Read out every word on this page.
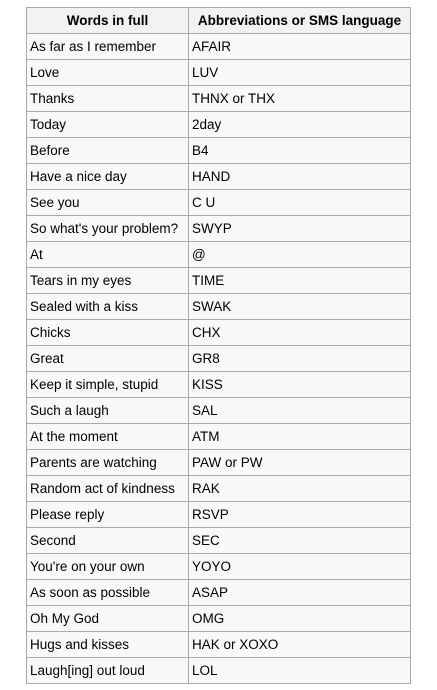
Words in full	Abbreviations or SMS language
As far as I remember	AFAIR
Love	LUV
Thanks	THNX or THX
Today	2day
Before	B4
Have a nice day	HAND
See you	C U
So what's your problem?	SWYP
At	@
Tears in my eyes	TIME
Sealed with a kiss	SWAK
Chicks	CHX
Great	GR8
Keep it simple, stupid	KISS
Such a laugh	SAL
At the moment	ATM
Parents are watching	PAW or PW
Random act of kindness	RAK
Please reply	RSVP
Second	SEC
You're on your own	YOYO
As soon as possible	ASAP
Oh My God	OMG
Hugs and kisses	HAK or XOXO
Laugh[ing] out loud	LOL
